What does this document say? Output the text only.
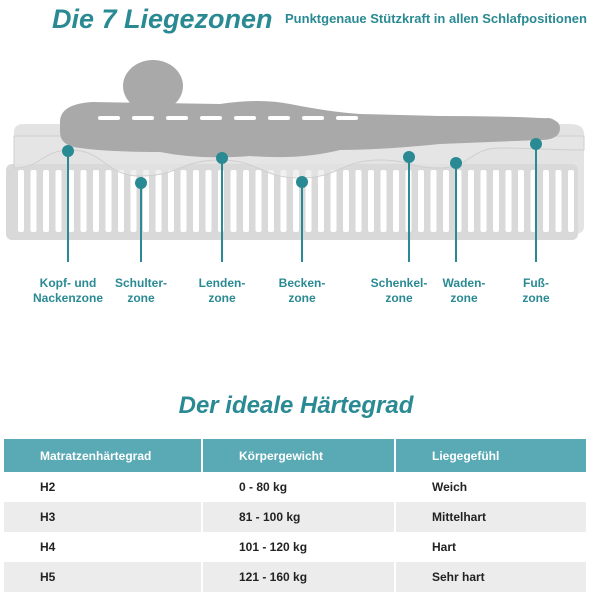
Die 7 Liegezonen $^{Punktgenaue Stützkraft in allen Schlafpositionen}$
Kopf- und
Nackenzone
Schulter-
zone
Lenden-
zone
Becken-
zone
Schenkel-
zone
Waden-
zone
Fuß-
zone
Der ideale Härtegrad
Matratzenhärtegrad	Körpergewicht	Liegegefühl
H2	0 - 80 kg	Weich
H3	81 - 100 kg	Mittelhart
H4	101 - 120 kg	Hart
H5	121 - 160 kg	Sehr hart
